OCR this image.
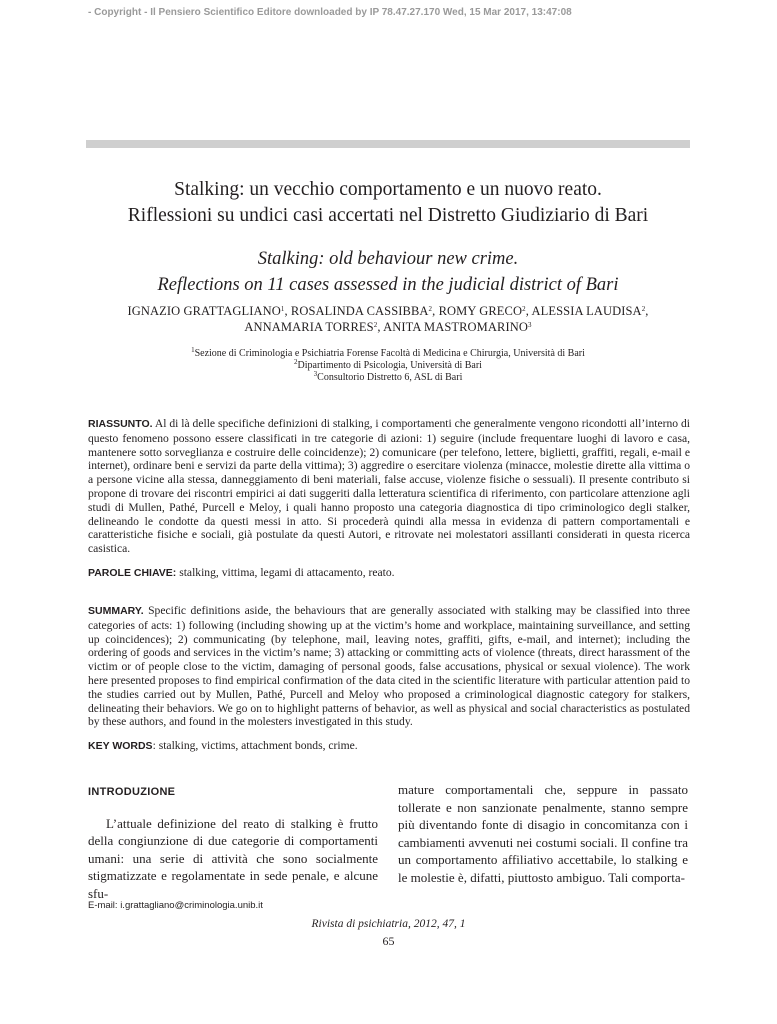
- Copyright - Il Pensiero Scientifico Editore downloaded by IP 78.47.27.170 Wed, 15 Mar 2017, 13:47:08
Stalking: un vecchio comportamento e un nuovo reato.
Riflessioni su undici casi accertati nel Distretto Giudiziario di Bari
Stalking: old behaviour new crime.
Reflections on 11 cases assessed in the judicial district of Bari
IGNAZIO GRATTAGLIANO$^1$, ROSALINDA CASSIBBA$^2$, ROMY GRECO$^2$, ALESSIA LAUDISA$^2$,
ANNAMARIA TORRES$^2$, ANITA MASTROMARINO$^3$
$^1$Sezione di Criminologia e Psichiatria Forense Facoltà di Medicina e Chirurgia, Università di Bari
$^2$Dipartimento di Psicologia, Università di Bari
$^3$Consultorio Distretto 6, ASL di Bari
RIASSUNTO. Al di là delle specifiche definizioni di stalking, i comportamenti che generalmente vengono ricondotti all’interno di questo fenomeno possono essere classificati in tre categorie di azioni: 1) seguire (include frequentare luoghi di lavoro e casa, mantenere sotto sorveglianza e costruire delle coincidenze); 2) comunicare (per telefono, lettere, biglietti, graffiti, regali, e-mail e internet), ordinare beni e servizi da parte della vittima); 3) aggredire o esercitare violenza (minacce, molestie dirette alla vittima o a persone vicine alla stessa, danneggiamento di beni materiali, false accuse, violenze fisiche o sessuali). Il presente contributo si propone di trovare dei riscontri empirici ai dati suggeriti dalla letteratura scientifica di riferimento, con particolare attenzione agli studi di Mullen, Pathé, Purcell e Meloy, i quali hanno proposto una categoria diagnostica di tipo criminologico degli stalker, delineando le condotte da questi messi in atto. Si procederà quindi alla messa in evidenza di pattern comportamentali e caratteristiche fisiche e sociali, già postulate da questi Autori, e ritrovate nei molestatori assillanti considerati in questa ricerca casistica.
PAROLE CHIAVE: stalking, vittima, legami di attacamento, reato.
SUMMARY. Specific definitions aside, the behaviours that are generally associated with stalking may be classified into three categories of acts: 1) following (including showing up at the victim’s home and workplace, maintaining surveillance, and setting up coincidences); 2) communicating (by telephone, mail, leaving notes, graffiti, gifts, e-mail, and internet); including the ordering of goods and services in the victim’s name; 3) attacking or committing acts of violence (threats, direct harassment of the victim or of people close to the victim, damaging of personal goods, false accusations, physical or sexual violence). The work here presented proposes to find empirical confirmation of the data cited in the scientific literature with particular attention paid to the studies carried out by Mullen, Pathé, Purcell and Meloy who proposed a criminological diagnostic category for stalkers, delineating their behaviors. We go on to highlight patterns of behavior, as well as physical and social characteristics as postulated by these authors, and found in the molesters investigated in this study.
KEY WORDS: stalking, victims, attachment bonds, crime.
INTRODUZIONE

L’attuale definizione del reato di stalking è frutto della congiunzione di due categorie di comportamenti umani: una serie di attività che sono socialmente stigmatizzate e regolamentate in sede penale, e alcune sfu-

mature comportamentali che, seppure in passato tollerate e non sanzionate penalmente, stanno sempre più diventando fonte di disagio in concomitanza con i cambiamenti avvenuti nei costumi sociali. Il confine tra un comportamento affiliativo accettabile, lo stalking e le molestie è, difatti, piuttosto ambiguo. Tali comporta-

E-mail: i.grattagliano@criminologia.unib.it
Rivista di psichiatria, 2012, 47, 1
65
